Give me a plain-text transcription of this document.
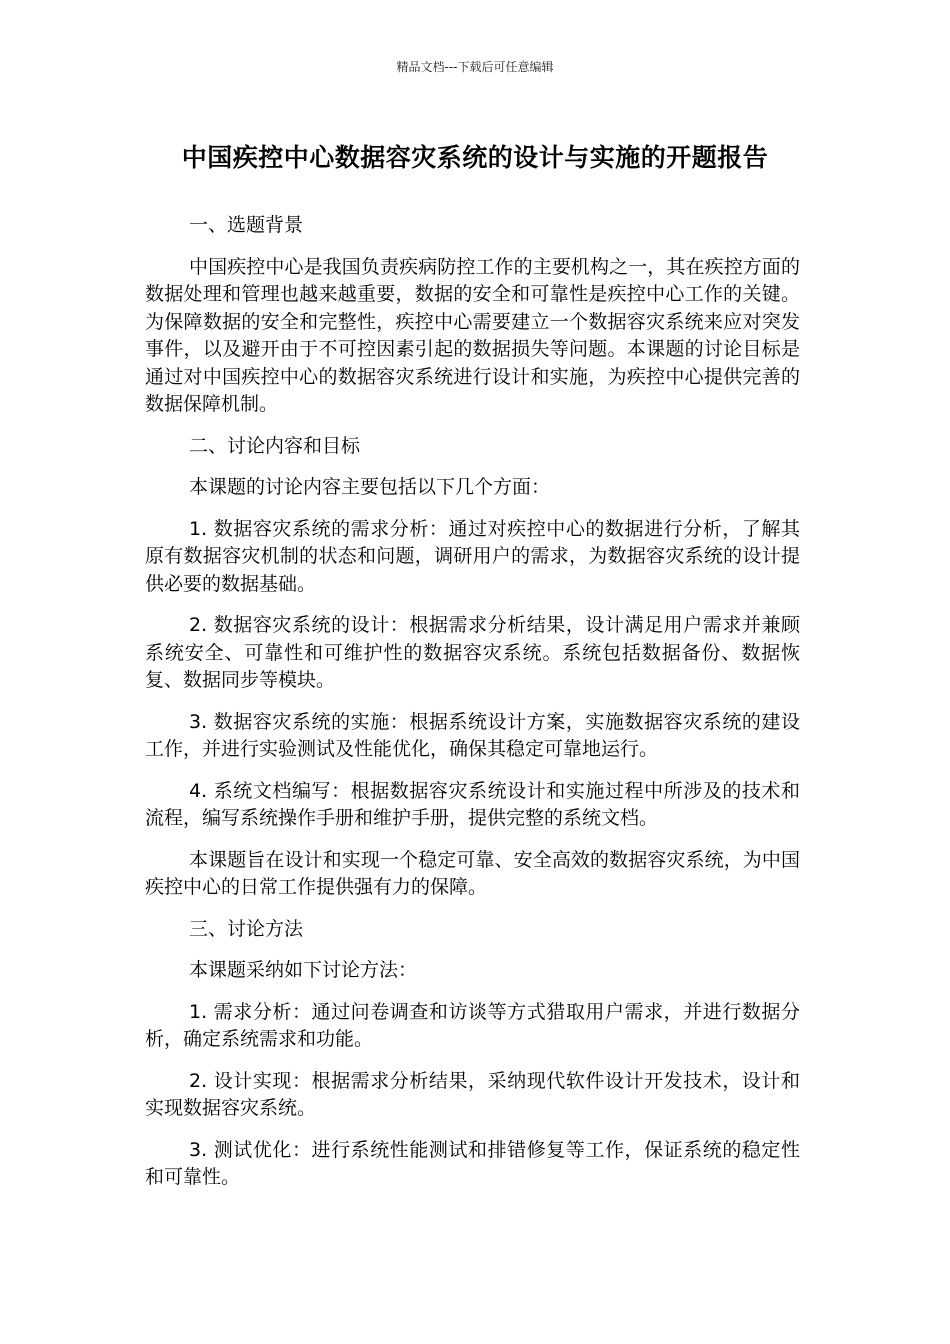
精品文档---下载后可任意编辑
中国疾控中心数据容灾系统的设计与实施的开题报告

一、选题背景

中国疾控中心是我国负责疾病防控工作的主要机构之一，其在疾控方面的数据处理和管理也越来越重要，数据的安全和可靠性是疾控中心工作的关键。为保障数据的安全和完整性，疾控中心需要建立一个数据容灾系统来应对突发事件，以及避开由于不可控因素引起的数据损失等问题。本课题的讨论目标是通过对中国疾控中心的数据容灾系统进行设计和实施，为疾控中心提供完善的数据保障机制。

二、讨论内容和目标

本课题的讨论内容主要包括以下几个方面：

1. 数据容灾系统的需求分析：通过对疾控中心的数据进行分析，了解其原有数据容灾机制的状态和问题，调研用户的需求，为数据容灾系统的设计提供必要的数据基础。

2. 数据容灾系统的设计：根据需求分析结果，设计满足用户需求并兼顾系统安全、可靠性和可维护性的数据容灾系统。系统包括数据备份、数据恢复、数据同步等模块。

3. 数据容灾系统的实施：根据系统设计方案，实施数据容灾系统的建设工作，并进行实验测试及性能优化，确保其稳定可靠地运行。

4. 系统文档编写：根据数据容灾系统设计和实施过程中所涉及的技术和流程，编写系统操作手册和维护手册，提供完整的系统文档。

本课题旨在设计和实现一个稳定可靠、安全高效的数据容灾系统，为中国疾控中心的日常工作提供强有力的保障。

三、讨论方法

本课题采纳如下讨论方法：

1. 需求分析：通过问卷调查和访谈等方式猎取用户需求，并进行数据分析，确定系统需求和功能。

2. 设计实现：根据需求分析结果，采纳现代软件设计开发技术，设计和实现数据容灾系统。

3. 测试优化：进行系统性能测试和排错修复等工作，保证系统的稳定性和可靠性。
